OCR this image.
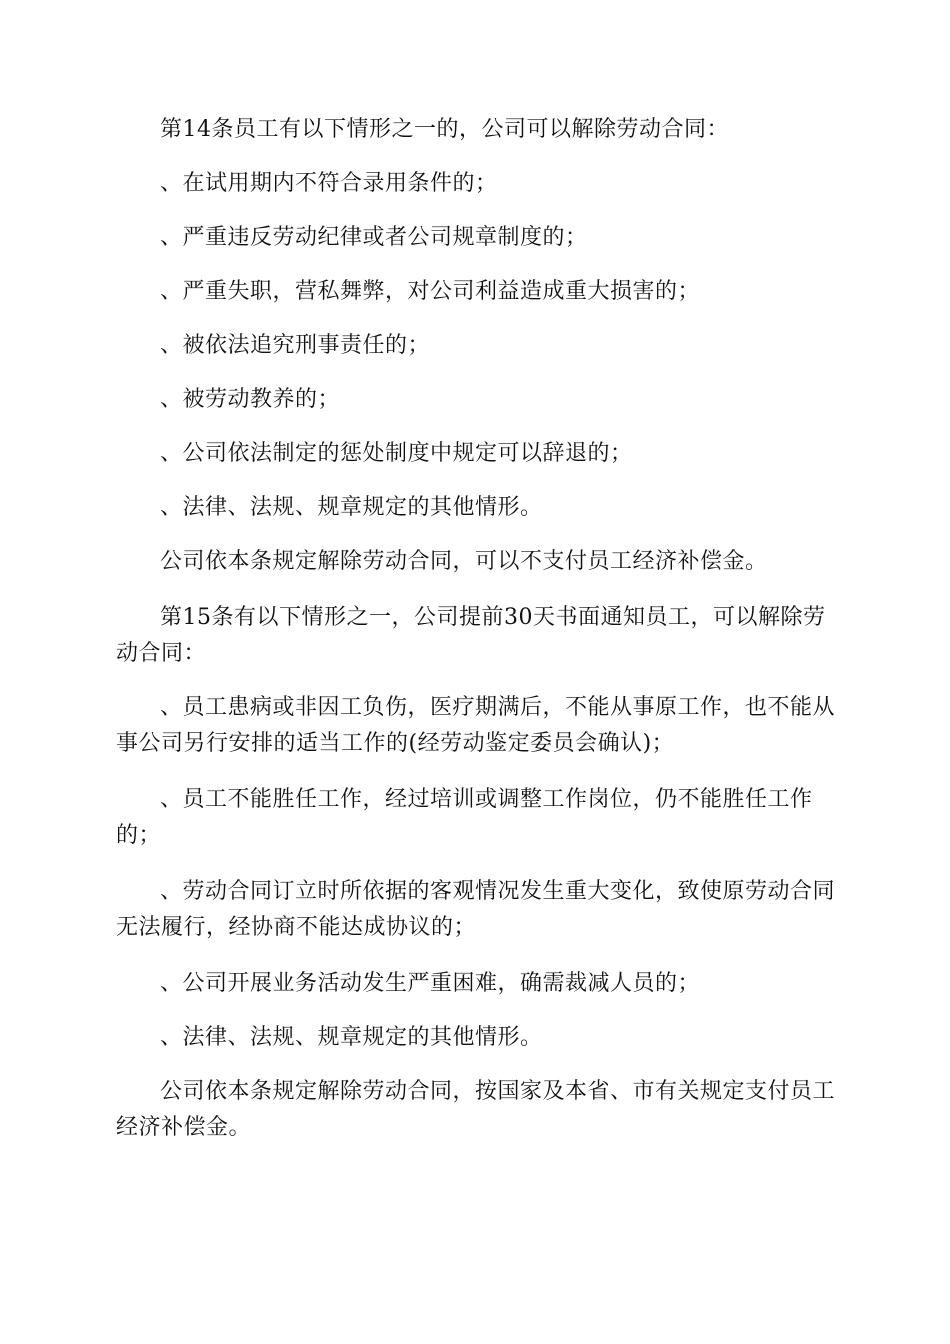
第14条员工有以下情形之一的，公司可以解除劳动合同：

、在试用期内不符合录用条件的；

、严重违反劳动纪律或者公司规章制度的；

、严重失职，营私舞弊，对公司利益造成重大损害的；

、被依法追究刑事责任的；

、被劳动教养的；

、公司依法制定的惩处制度中规定可以辞退的；

、法律、法规、规章规定的其他情形。

公司依本条规定解除劳动合同，可以不支付员工经济补偿金。

第15条有以下情形之一，公司提前30天书面通知员工，可以解除劳动合同：

、员工患病或非因工负伤，医疗期满后，不能从事原工作，也不能从事公司另行安排的适当工作的(经劳动鉴定委员会确认)；

、员工不能胜任工作，经过培训或调整工作岗位，仍不能胜任工作的；

、劳动合同订立时所依据的客观情况发生重大变化，致使原劳动合同无法履行，经协商不能达成协议的；

、公司开展业务活动发生严重困难，确需裁减人员的；

、法律、法规、规章规定的其他情形。

公司依本条规定解除劳动合同，按国家及本省、市有关规定支付员工经济补偿金。
